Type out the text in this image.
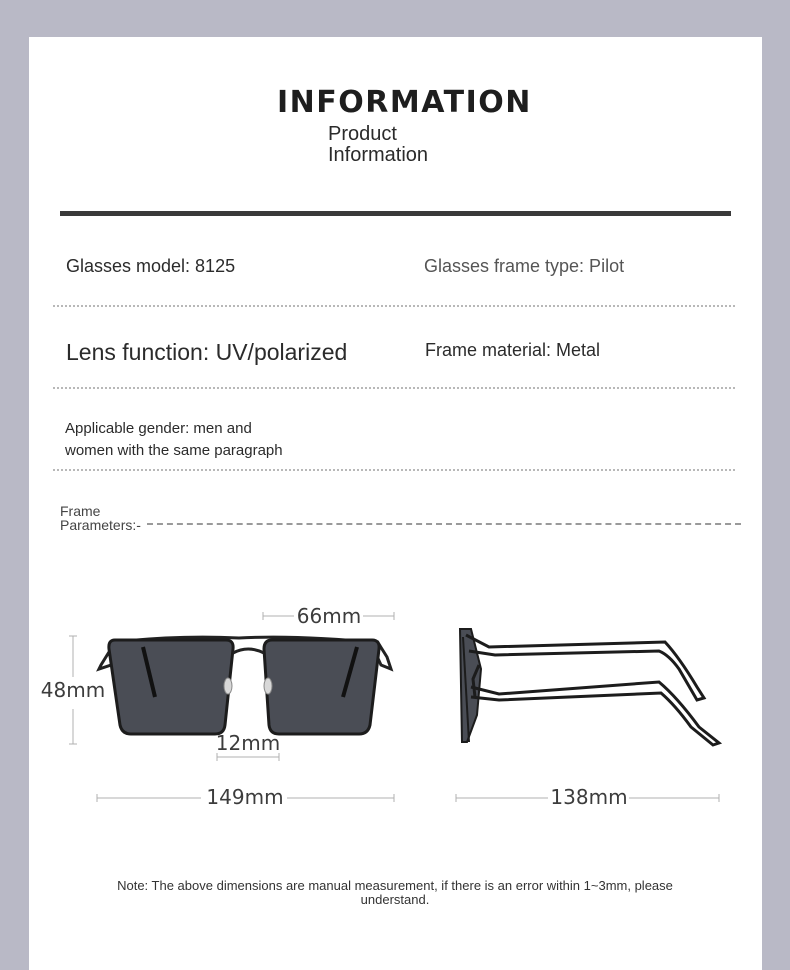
INFORMATION
Product
Information
Glasses model: 8125	Glasses frame type: Pilot
Lens function: UV/polarized	Frame material: Metal
Applicable gender: men and
women with the same paragraph
Frame
Parameters:-
66mm
48mm
12mm
149mm	138mm
Note: The above dimensions are manual measurement, if there is an error within 1~3mm, please understand.
